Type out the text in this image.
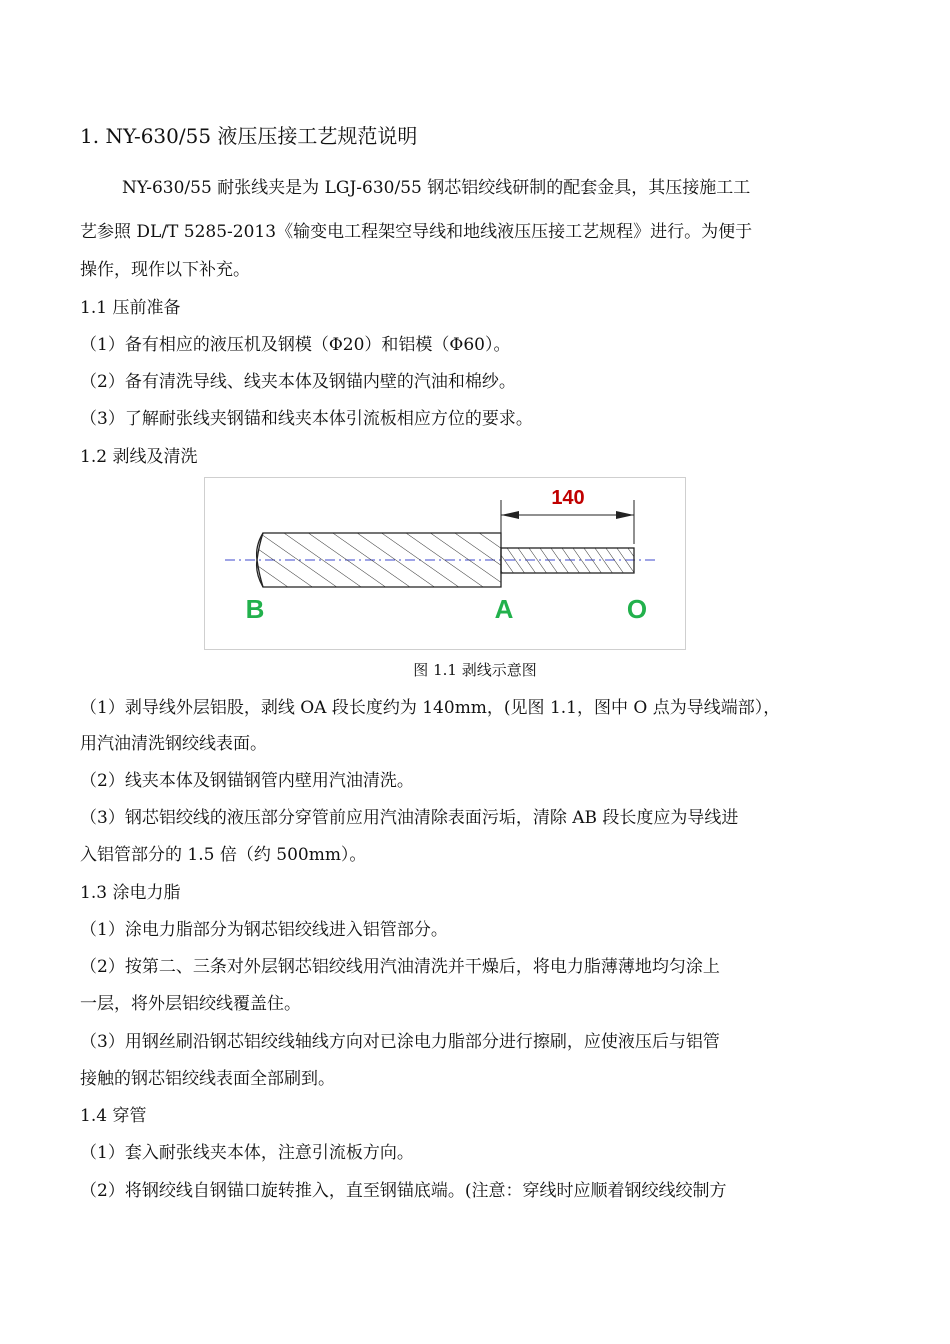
1. NY-630/55 液压压接工艺规范说明
NY-630/55 耐张线夹是为 LGJ-630/55 钢芯铝绞线研制的配套金具，其压接施工工
艺参照 DL/T 5285-2013《输变电工程架空导线和地线液压压接工艺规程》进行。为便于
操作，现作以下补充。
1.1 压前准备
（1）备有相应的液压机及钢模（Φ20）和铝模（Φ60）。
（2）备有清洗导线、线夹本体及钢锚内壁的汽油和棉纱。
（3）了解耐张线夹钢锚和线夹本体引流板相应方位的要求。
1.2 剥线及清洗
140
B	A	O
图 1.1 剥线示意图
（1）剥导线外层铝股，剥线 OA 段长度约为 140mm，(见图 1.1，图中 O 点为导线端部），
用汽油清洗钢绞线表面。
（2）线夹本体及钢锚钢管内壁用汽油清洗。
（3）钢芯铝绞线的液压部分穿管前应用汽油清除表面污垢，清除 AB 段长度应为导线进
入铝管部分的 1.5 倍（约 500mm）。
1.3 涂电力脂
（1）涂电力脂部分为钢芯铝绞线进入铝管部分。
（2）按第二、三条对外层钢芯铝绞线用汽油清洗并干燥后，将电力脂薄薄地均匀涂上
一层，将外层铝绞线覆盖住。
（3）用钢丝刷沿钢芯铝绞线轴线方向对已涂电力脂部分进行擦刷，应使液压后与铝管
接触的钢芯铝绞线表面全部刷到。
1.4 穿管
（1）套入耐张线夹本体，注意引流板方向。
（2）将钢绞线自钢锚口旋转推入，直至钢锚底端。(注意：穿线时应顺着钢绞线绞制方
